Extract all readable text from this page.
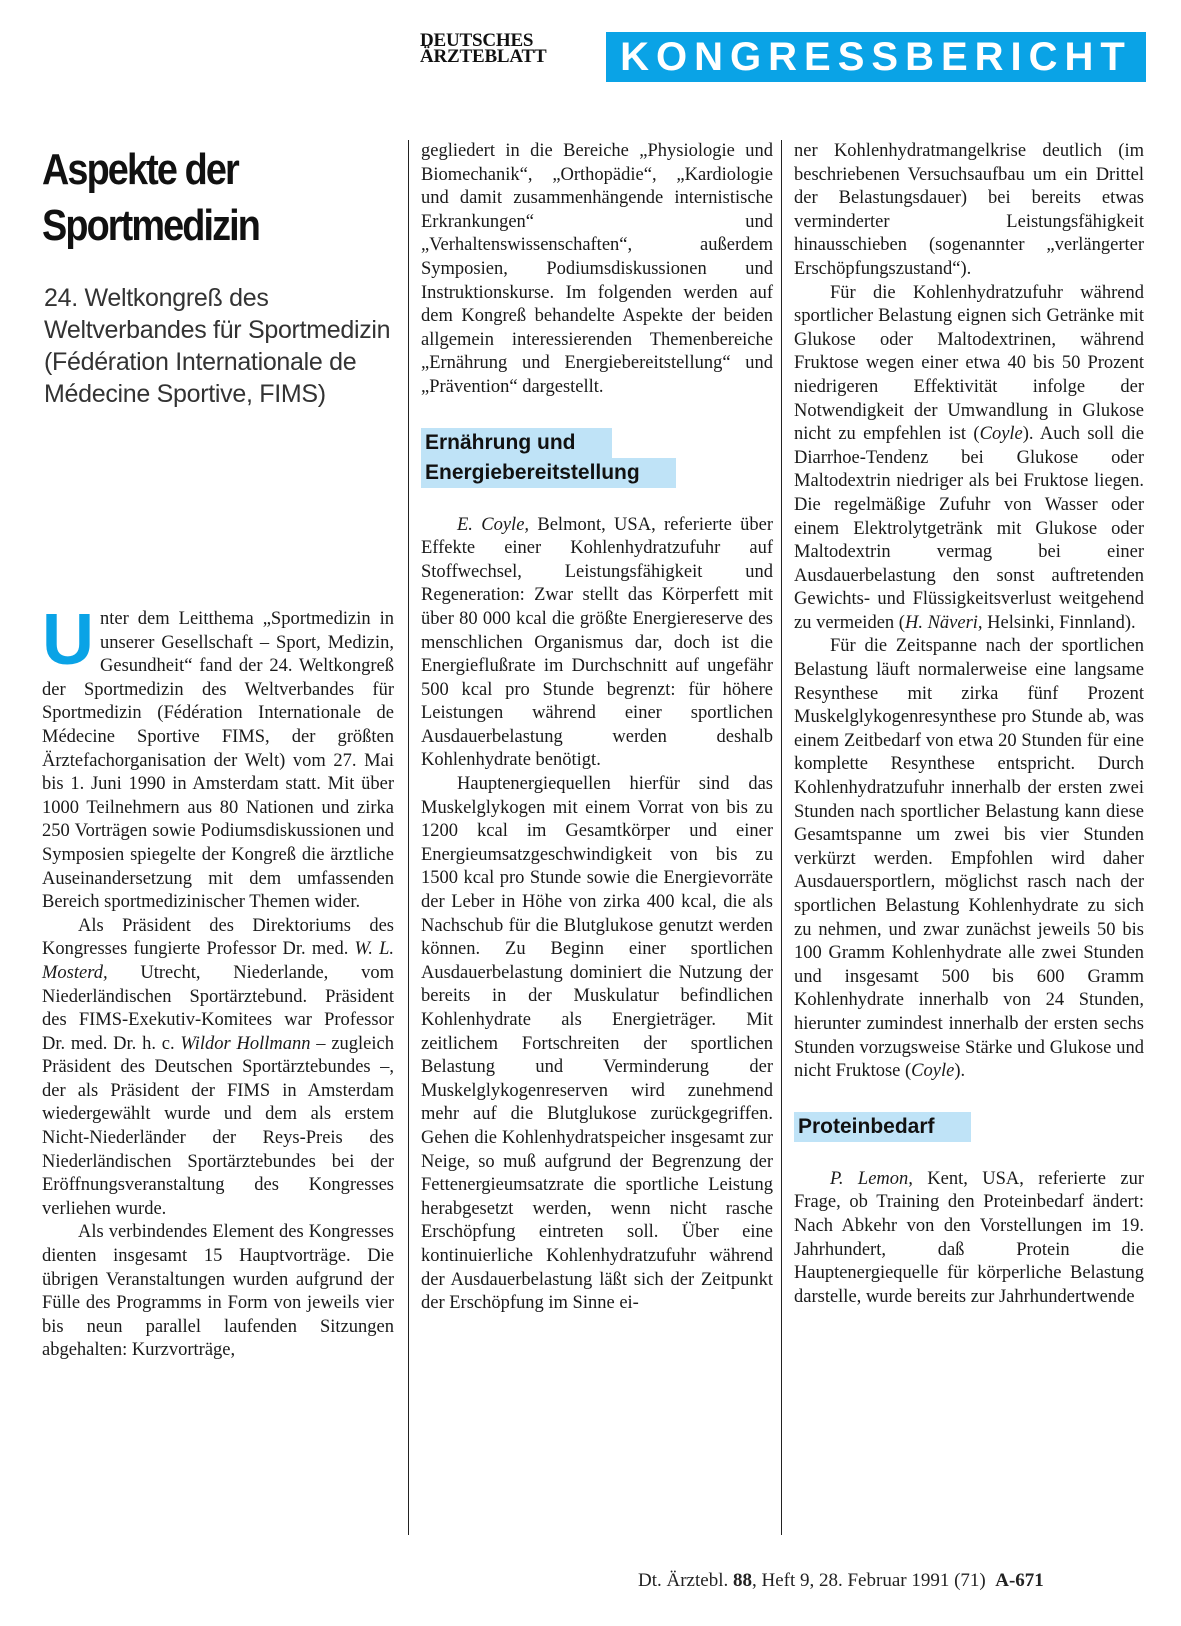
DEUTSCHES
ÄRZTEBLATT	KONGRESSBERICHT
Aspekte der Sportmedizin

24. Weltkongreß des Weltverbandes für Sportmedizin (Fédération Internationale de Médecine Sportive, FIMS)

Unter dem Leitthema „Sportmedizin in unserer Gesellschaft – Sport, Medizin, Gesundheit“ fand der 24. Weltkongreß der Sportmedizin des Weltverbandes für Sportmedizin (Fédération Internationale de Médecine Sportive FIMS, der größten Ärztefachorganisation der Welt) vom 27. Mai bis 1. Juni 1990 in Amsterdam statt. Mit über 1000 Teilnehmern aus 80 Nationen und zirka 250 Vorträgen sowie Podiumsdiskussionen und Symposien spiegelte der Kongreß die ärztliche Auseinandersetzung mit dem umfassenden Bereich sportmedizinischer Themen wider.

Als Präsident des Direktoriums des Kongresses fungierte Professor Dr. med. W. L. Mosterd, Utrecht, Niederlande, vom Niederländischen Sportärztebund. Präsident des FIMS-Exekutiv-Komitees war Professor Dr. med. Dr. h. c. Wildor Hollmann – zugleich Präsident des Deutschen Sportärztebundes –, der als Präsident der FIMS in Amsterdam wiedergewählt wurde und dem als erstem Nicht-Niederländer der Reys-Preis des Niederländischen Sportärztebundes bei der Eröffnungsveranstaltung des Kongresses verliehen wurde.

Als verbindendes Element des Kongresses dienten insgesamt 15 Hauptvorträge. Die übrigen Veranstaltungen wurden aufgrund der Fülle des Programms in Form von jeweils vier bis neun parallel laufenden Sitzungen abgehalten: Kurzvorträge,

gegliedert in die Bereiche „Physiologie und Biomechanik“, „Orthopädie“, „Kardiologie und damit zusammenhängende internistische Erkrankungen“ und „Verhaltenswissenschaften“, außerdem Symposien, Podiumsdiskussionen und Instruktionskurse. Im folgenden werden auf dem Kongreß behandelte Aspekte der beiden allgemein interessierenden Themenbereiche „Ernährung und Energiebereitstellung“ und „Prävention“ dargestellt.

Ernährung und
Energiebereitstellung

E. Coyle, Belmont, USA, referierte über Effekte einer Kohlenhydratzufuhr auf Stoffwechsel, Leistungsfähigkeit und Regeneration: Zwar stellt das Körperfett mit über 80 000 kcal die größte Energiereserve des menschlichen Organismus dar, doch ist die Energieflußrate im Durchschnitt auf ungefähr 500 kcal pro Stunde begrenzt: für höhere Leistungen während einer sportlichen Ausdauerbelastung werden deshalb Kohlenhydrate benötigt.

Hauptenergiequellen hierfür sind das Muskelglykogen mit einem Vorrat von bis zu 1200 kcal im Gesamtkörper und einer Energieumsatzgeschwindigkeit von bis zu 1500 kcal pro Stunde sowie die Energievorräte der Leber in Höhe von zirka 400 kcal, die als Nachschub für die Blutglukose genutzt werden können. Zu Beginn einer sportlichen Ausdauerbelastung dominiert die Nutzung der bereits in der Muskulatur befindlichen Kohlenhydrate als Energieträger. Mit zeitlichem Fortschreiten der sportlichen Belastung und Verminderung der Muskelglykogenreserven wird zunehmend mehr auf die Blutglukose zurückgegriffen. Gehen die Kohlenhydratspeicher insgesamt zur Neige, so muß aufgrund der Begrenzung der Fettenergieumsatzrate die sportliche Leistung herabgesetzt werden, wenn nicht rasche Erschöpfung eintreten soll. Über eine kontinuierliche Kohlenhydratzufuhr während der Ausdauerbelastung läßt sich der Zeitpunkt der Erschöpfung im Sinne ei-

ner Kohlenhydratmangelkrise deutlich (im beschriebenen Versuchsaufbau um ein Drittel der Belastungsdauer) bei bereits etwas verminderter Leistungsfähigkeit hinausschieben (sogenannter „verlängerter Erschöpfungszustand“).

Für die Kohlenhydratzufuhr während sportlicher Belastung eignen sich Getränke mit Glukose oder Maltodextrinen, während Fruktose wegen einer etwa 40 bis 50 Prozent niedrigeren Effektivität infolge der Notwendigkeit der Umwandlung in Glukose nicht zu empfehlen ist (Coyle). Auch soll die Diarrhoe-Tendenz bei Glukose oder Maltodextrin niedriger als bei Fruktose liegen. Die regelmäßige Zufuhr von Wasser oder einem Elektrolytgetränk mit Glukose oder Maltodextrin vermag bei einer Ausdauerbelastung den sonst auftretenden Gewichts- und Flüssigkeitsverlust weitgehend zu vermeiden (H. Näveri, Helsinki, Finnland).

Für die Zeitspanne nach der sportlichen Belastung läuft normalerweise eine langsame Resynthese mit zirka fünf Prozent Muskelglykogenresynthese pro Stunde ab, was einem Zeitbedarf von etwa 20 Stunden für eine komplette Resynthese entspricht. Durch Kohlenhydratzufuhr innerhalb der ersten zwei Stunden nach sportlicher Belastung kann diese Gesamtspanne um zwei bis vier Stunden verkürzt werden. Empfohlen wird daher Ausdauersportlern, möglichst rasch nach der sportlichen Belastung Kohlenhydrate zu sich zu nehmen, und zwar zunächst jeweils 50 bis 100 Gramm Kohlenhydrate alle zwei Stunden und insgesamt 500 bis 600 Gramm Kohlenhydrate innerhalb von 24 Stunden, hierunter zumindest innerhalb der ersten sechs Stunden vorzugsweise Stärke und Glukose und nicht Fruktose (Coyle).

Proteinbedarf

P. Lemon, Kent, USA, referierte zur Frage, ob Training den Proteinbedarf ändert: Nach Abkehr von den Vorstellungen im 19. Jahrhundert, daß Protein die Hauptenergiequelle für körperliche Belastung darstelle, wurde bereits zur Jahrhundertwende

Dt. Ärztebl. 88, Heft 9, 28. Februar 1991 (71) A-671
